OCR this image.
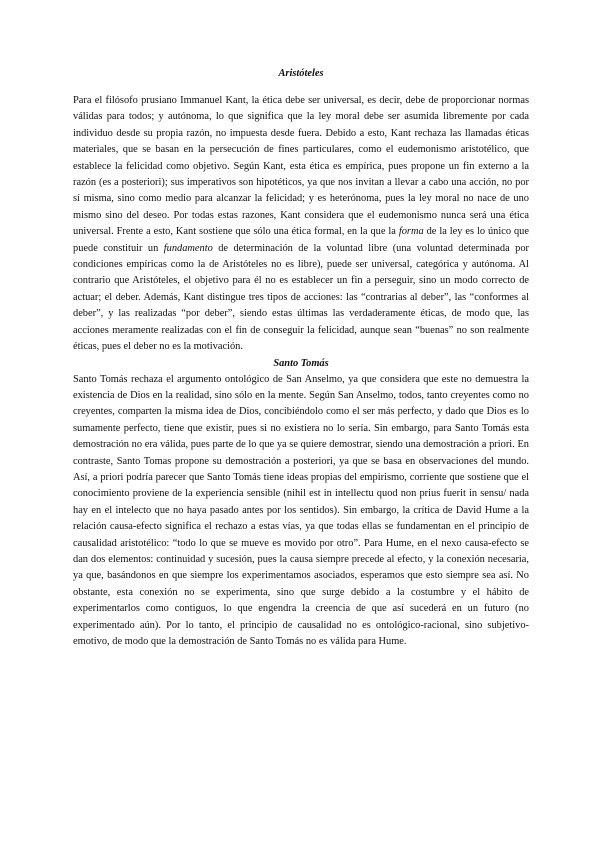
Aristóteles

Para el filósofo prusiano Immanuel Kant, la ética debe ser universal, es decir, debe de proporcionar normas válidas para todos; y autónoma, lo que significa que la ley moral debe ser asumida libremente por cada individuo desde su propia razón, no impuesta desde fuera. Debido a esto, Kant rechaza las llamadas éticas materiales, que se basan en la persecución de fines particulares, como el eudemonismo aristotélico, que establece la felicidad como objetivo. Según Kant, esta ética es empírica, pues propone un fin externo a la razón (es a posteriori); sus imperativos son hipotéticos, ya que nos invitan a llevar a cabo una acción, no por sí misma, sino como medio para alcanzar la felicidad; y es heterónoma, pues la ley moral no nace de uno mismo sino del deseo. Por todas estas razones, Kant considera que el eudemonismo nunca será una ética universal. Frente a esto, Kant sostiene que sólo una ética formal, en la que la forma de la ley es lo único que puede constituir un fundamento de determinación de la voluntad libre (una voluntad determinada por condiciones empíricas como la de Aristóteles no es libre), puede ser universal, categórica y autónoma. Al contrario que Aristóteles, el objetivo para él no es establecer un fin a perseguir, sino un modo correcto de actuar; el deber. Además, Kant distingue tres tipos de acciones: las “contrarias al deber”, las “conformes al deber”, y las realizadas “por deber”, siendo estas últimas las verdaderamente éticas, de modo que, las acciones meramente realizadas con el fin de conseguir la felicidad, aunque sean “buenas” no son realmente éticas, pues el deber no es la motivación.

Santo Tomás

Santo Tomás rechaza el argumento ontológico de San Anselmo, ya que considera que este no demuestra la existencia de Dios en la realidad, sino sólo en la mente. Según San Anselmo, todos, tanto creyentes como no creyentes, comparten la misma idea de Dios, concibiéndolo como el ser más perfecto, y dado que Dios es lo sumamente perfecto, tiene que existir, pues si no existiera no lo sería. Sin embargo, para Santo Tomás esta demostración no era válida, pues parte de lo que ya se quiere demostrar, siendo una demostración a priori. En contraste, Santo Tomas propone su demostración a posteriori, ya que se basa en observaciones del mundo. Así, a priori podría parecer que Santo Tomás tiene ideas propias del empirismo, corriente que sostiene que el conocimiento proviene de la experiencia sensible (nihil est in intellectu quod non prius fuerit in sensu/ nada hay en el intelecto que no haya pasado antes por los sentidos). Sin embargo, la crítica de David Hume a la relación causa-efecto significa el rechazo a estas vías, ya que todas ellas se fundamentan en el principio de causalidad aristotélico: “todo lo que se mueve es movido por otro”. Para Hume, en el nexo causa-efecto se dan dos elementos: continuidad y sucesión, pues la causa siempre precede al efecto, y la conexión necesaria, ya que, basándonos en que siempre los experimentamos asociados, esperamos que esto siempre sea así. No obstante, esta conexión no se experimenta, sino que surge debido a la costumbre y el hábito de experimentarlos como contiguos, lo que engendra la creencia de que así sucederá en un futuro (no experimentado aún). Por lo tanto, el principio de causalidad no es ontológico-racional, sino subjetivo-emotivo, de modo que la demostración de Santo Tomás no es válida para Hume.
